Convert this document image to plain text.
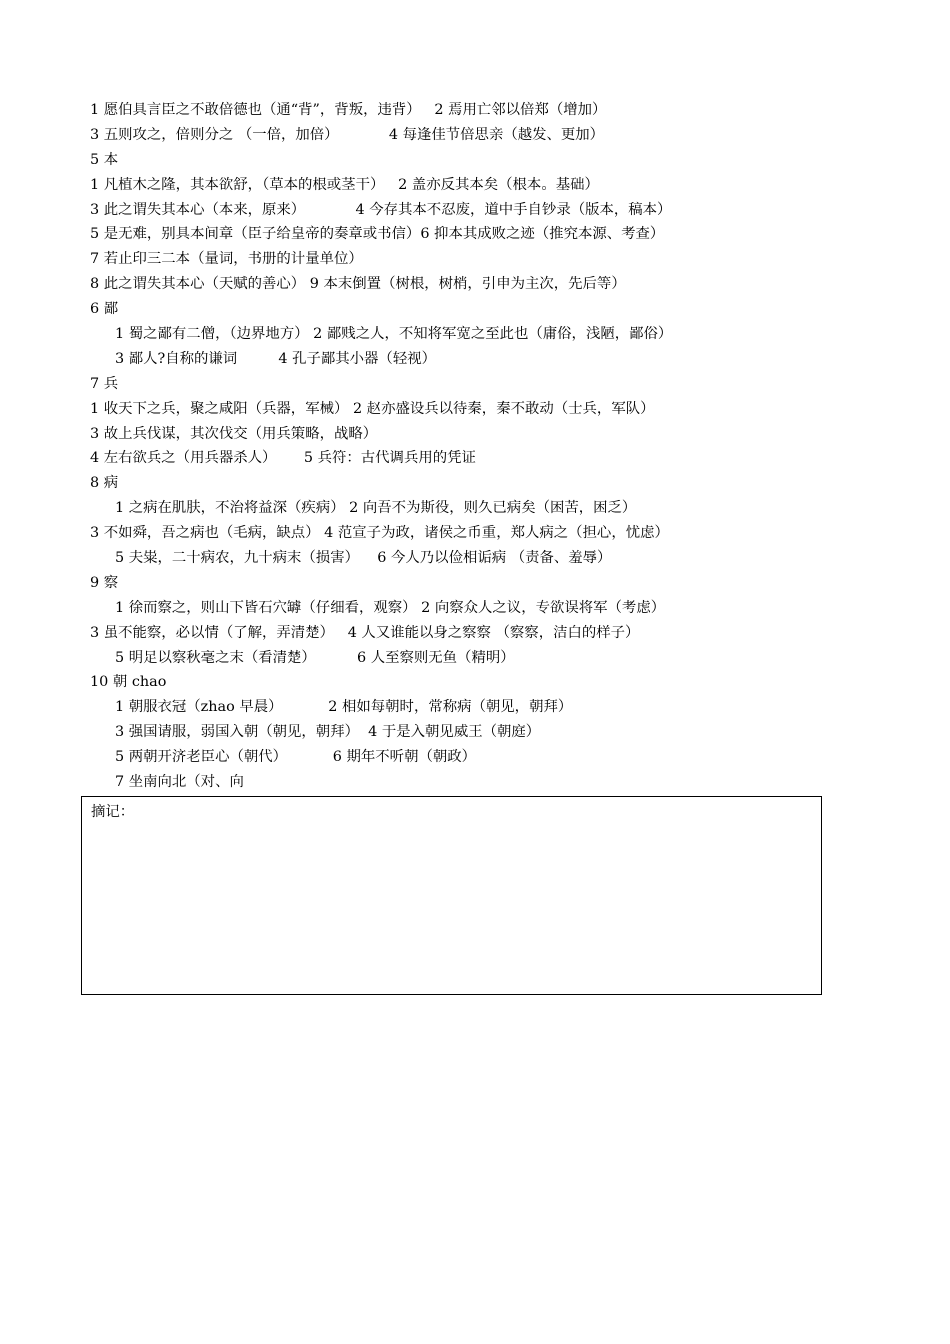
1 愿伯具言臣之不敢倍德也（通“背”，背叛，违背）   2 焉用亡邻以倍郑（增加）
3 五则攻之，倍则分之 （一倍，加倍）           4 每逢佳节倍思亲（越发、更加）
5 本
1 凡植木之隆，其本欲舒，（草本的根或茎干）   2 盖亦反其本矣（根本。基础）
3 此之谓失其本心（本来，原来）           4 今存其本不忍废，道中手自钞录（版本，稿本）
5 是无难，别具本间章（臣子给皇帝的奏章或书信）6 抑本其成败之迹（推究本源、考查）
7 若止印三二本（量词，书册的计量单位）
8 此之谓失其本心（天赋的善心） 9 本末倒置（树根，树梢，引申为主次，先后等）
6 鄙
1 蜀之鄙有二僧，（边界地方） 2 鄙贱之人，不知将军宽之至此也（庸俗，浅陋，鄙俗）
3 鄙人?自称的谦词         4 孔子鄙其小器（轻视）
7 兵
1 收天下之兵，聚之咸阳（兵器，军械） 2 赵亦盛设兵以待秦，秦不敢动（士兵，军队）
3 故上兵伐谋，其次伐交（用兵策略，战略）
4 左右欲兵之（用兵器杀人）      5 兵符：古代调兵用的凭证
8 病
1 之病在肌肤，不治将益深（疾病） 2 向吾不为斯役，则久已病矣（困苦，困乏）
3 不如舜，吾之病也（毛病，缺点） 4 范宣子为政，诸侯之币重，郑人病之（担心，忧虑）
5 夫粜，二十病农，九十病末（损害）    6 今人乃以俭相诟病 （责备、羞辱）
9 察
1 徐而察之，则山下皆石穴罅（仔细看，观察） 2 向察众人之议，专欲误将军（考虑）
3 虽不能察，必以情（了解，弄清楚）   4 人又谁能以身之察察 （察察，洁白的样子）
5 明足以察秋毫之末（看清楚）         6 人至察则无鱼（精明）
10 朝 chao
1 朝服衣冠（zhao 早晨）          2 相如每朝时，常称病（朝见，朝拜）
3 强国请服，弱国入朝（朝见，朝拜）  4 于是入朝见威王（朝庭）
5 两朝开济老臣心（朝代）          6 期年不听朝（朝政）
7 坐南向北（对、向
摘记：
